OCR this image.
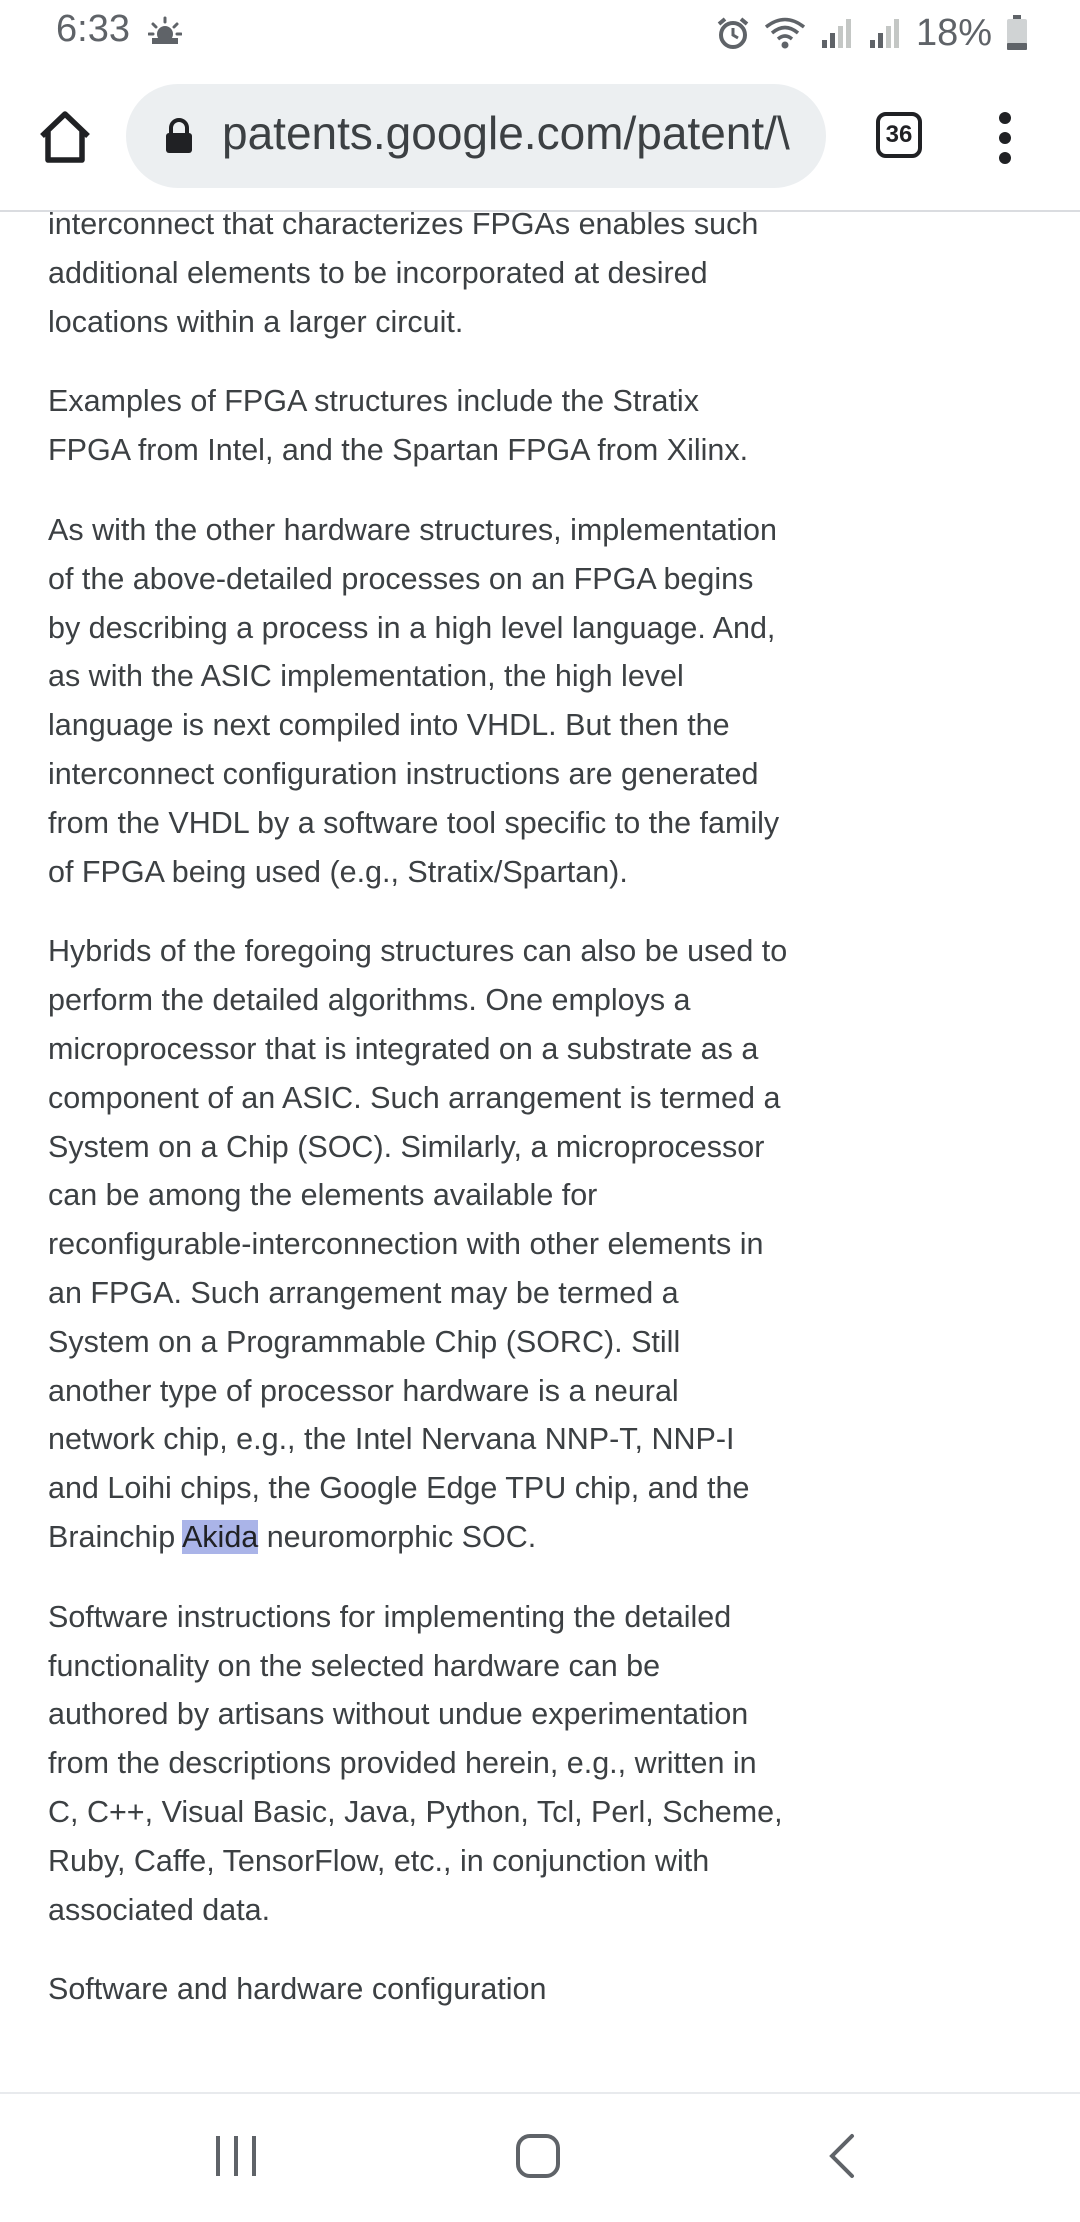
6:33	18%
patents.google.com/patent/\	36

interconnect that characterizes FPGAs enables such additional elements to be incorporated at desired locations within a larger circuit.

Examples of FPGA structures include the Stratix FPGA from Intel, and the Spartan FPGA from Xilinx.

As with the other hardware structures, implementation of the above-detailed processes on an FPGA begins by describing a process in a high level language. And, as with the ASIC implementation, the high level language is next compiled into VHDL. But then the interconnect configuration instructions are generated from the VHDL by a software tool specific to the family of FPGA being used (e.g., Stratix/Spartan).

Hybrids of the foregoing structures can also be used to perform the detailed algorithms. One employs a microprocessor that is integrated on a substrate as a component of an ASIC. Such arrangement is termed a System on a Chip (SOC). Similarly, a microprocessor can be among the elements available for reconfigurable-interconnection with other elements in an FPGA. Such arrangement may be termed a System on a Programmable Chip (SORC). Still another type of processor hardware is a neural network chip, e.g., the Intel Nervana NNP-T, NNP-I and Loihi chips, the Google Edge TPU chip, and the Brainchip Akida neuromorphic SOC.

Software instructions for implementing the detailed functionality on the selected hardware can be authored by artisans without undue experimentation from the descriptions provided herein, e.g., written in C, C++, Visual Basic, Java, Python, Tcl, Perl, Scheme, Ruby, Caffe, TensorFlow, etc., in conjunction with associated data.

Software and hardware configuration
